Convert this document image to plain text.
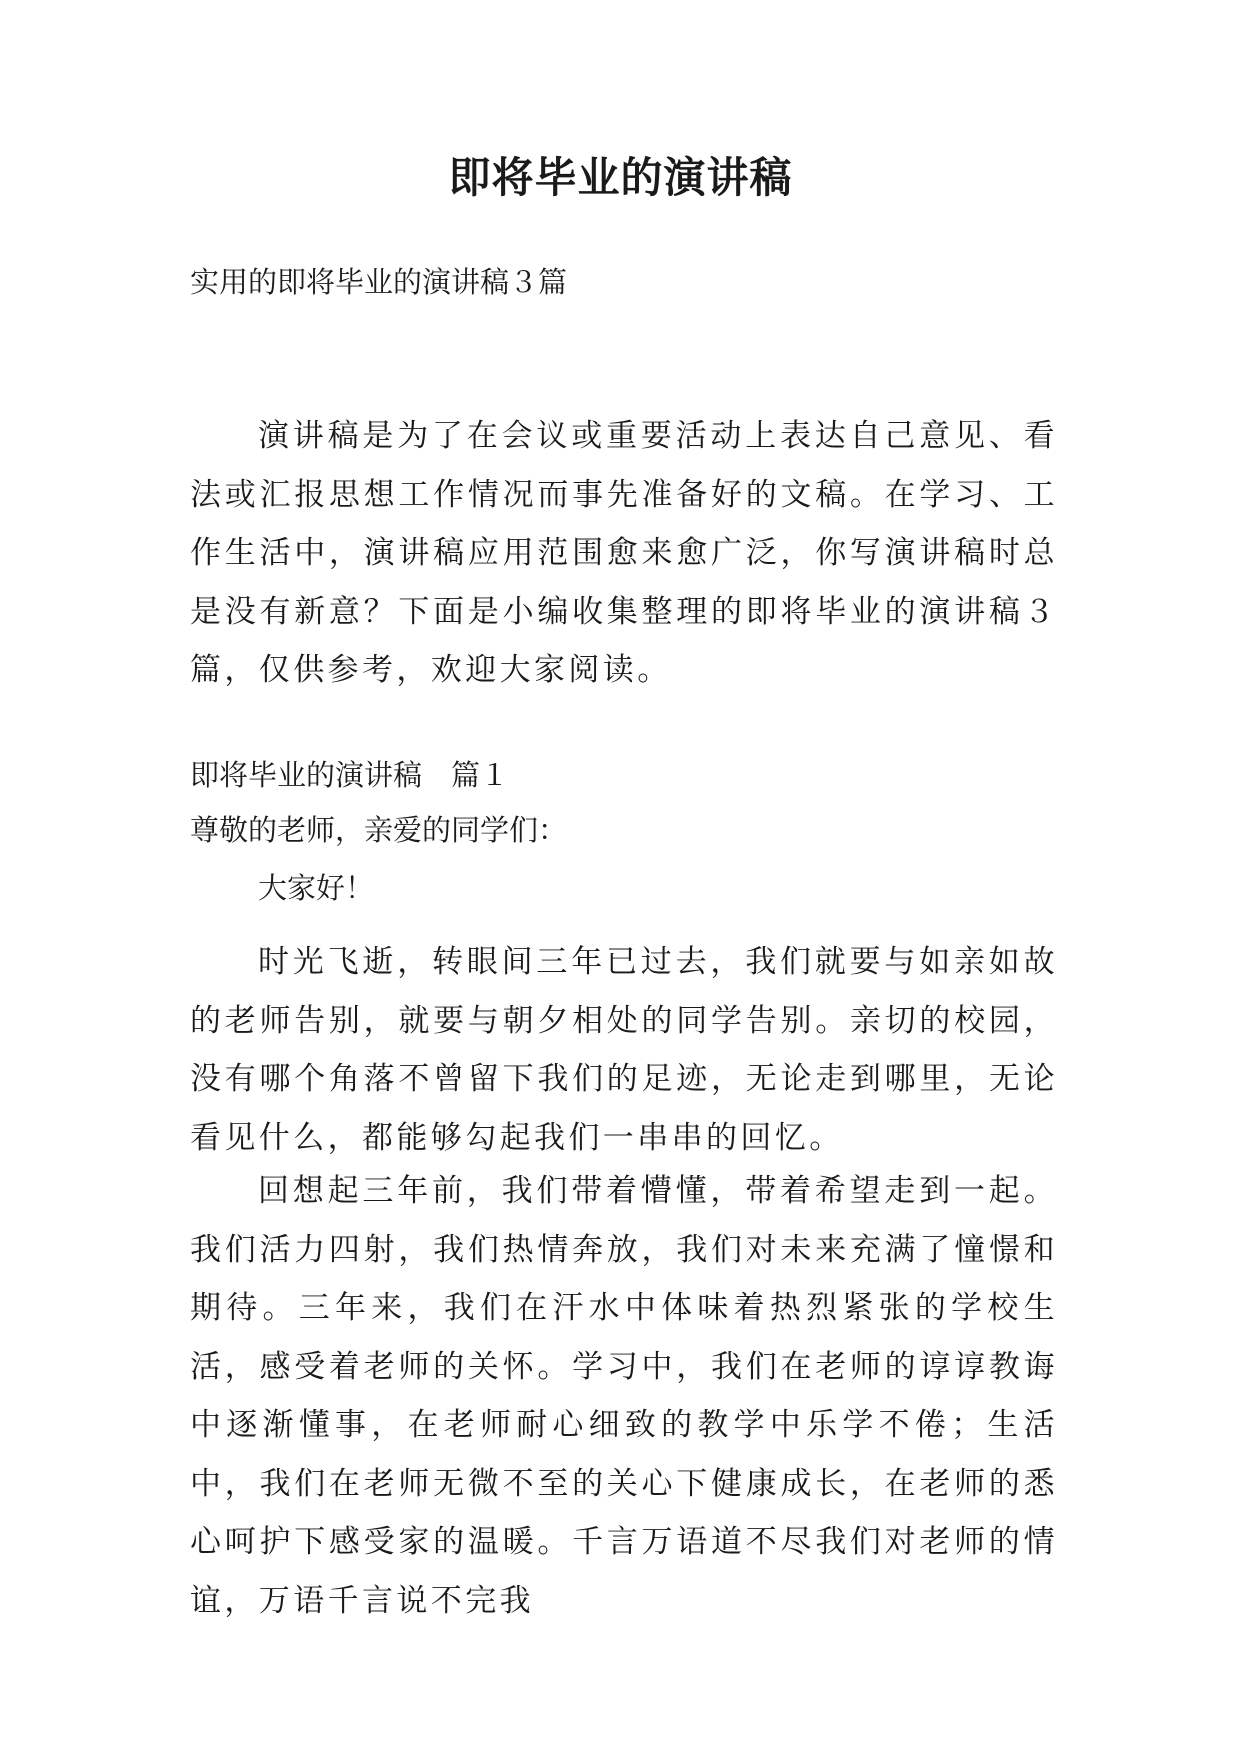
即将毕业的演讲稿
实用的即将毕业的演讲稿３篇

演讲稿是为了在会议或重要活动上表达自己意见、看法或汇报思想工作情况而事先准备好的文稿。在学习、工作生活中，演讲稿应用范围愈来愈广泛，你写演讲稿时总是没有新意？下面是小编收集整理的即将毕业的演讲稿３篇，仅供参考，欢迎大家阅读。

即将毕业的演讲稿　篇１
尊敬的老师，亲爱的同学们：
大家好！

时光飞逝，转眼间三年已过去，我们就要与如亲如故的老师告别，就要与朝夕相处的同学告别。亲切的校园，没有哪个角落不曾留下我们的足迹，无论走到哪里，无论看见什么，都能够勾起我们一串串的回忆。

回想起三年前，我们带着懵懂，带着希望走到一起。我们活力四射，我们热情奔放，我们对未来充满了憧憬和期待。三年来，我们在汗水中体味着热烈紧张的学校生活，感受着老师的关怀。学习中，我们在老师的谆谆教诲中逐渐懂事，在老师耐心细致的教学中乐学不倦；生活中，我们在老师无微不至的关心下健康成长，在老师的悉心呵护下感受家的温暖。千言万语道不尽我们对老师的情谊，万语千言说不完我
